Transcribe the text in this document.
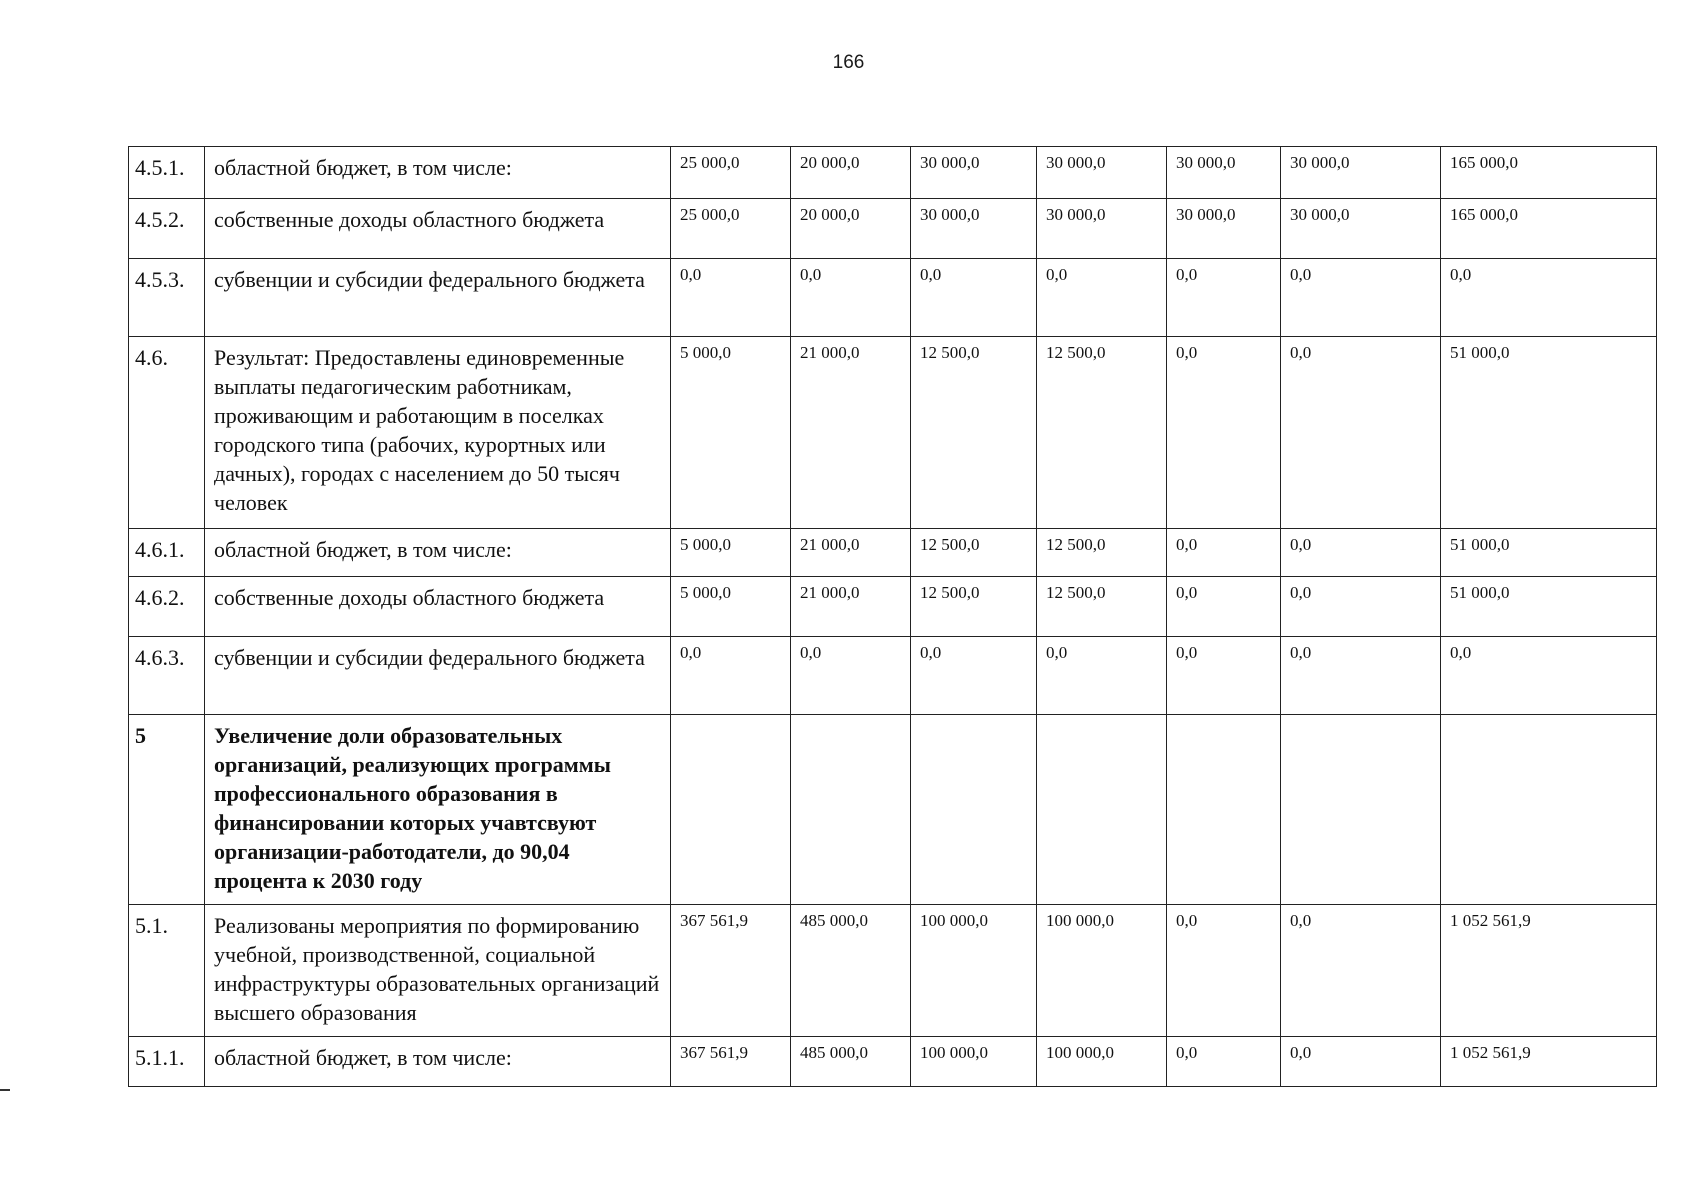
166
4.5.1.	областной бюджет, в том числе:	25 000,0	20 000,0	30 000,0	30 000,0	30 000,0	30 000,0	165 000,0
4.5.2.	собственные доходы областного бюджета	25 000,0	20 000,0	30 000,0	30 000,0	30 000,0	30 000,0	165 000,0
4.5.3.	субвенции и субсидии федерального бюджета	0,0	0,0	0,0	0,0	0,0	0,0	0,0
4.6.	Результат: Предоставлены единовременные выплаты педагогическим работникам, проживающим и работающим в поселках городского типа (рабочих, курортных или дачных), городах с населением до 50 тысяч человек	5 000,0	21 000,0	12 500,0	12 500,0	0,0	0,0	51 000,0
4.6.1.	областной бюджет, в том числе:	5 000,0	21 000,0	12 500,0	12 500,0	0,0	0,0	51 000,0
4.6.2.	собственные доходы областного бюджета	5 000,0	21 000,0	12 500,0	12 500,0	0,0	0,0	51 000,0
4.6.3.	субвенции и субсидии федерального бюджета	0,0	0,0	0,0	0,0	0,0	0,0	0,0
5	Увеличение доли образовательных организаций, реализующих программы профессионального образования в финансировании которых учавтсвуют организации-работодатели, до 90,04 процента к 2030 году							
5.1.	Реализованы мероприятия по формированию учебной, производственной, социальной инфраструктуры образовательных организаций высшего образования	367 561,9	485 000,0	100 000,0	100 000,0	0,0	0,0	1 052 561,9
5.1.1.	областной бюджет, в том числе:	367 561,9	485 000,0	100 000,0	100 000,0	0,0	0,0	1 052 561,9
